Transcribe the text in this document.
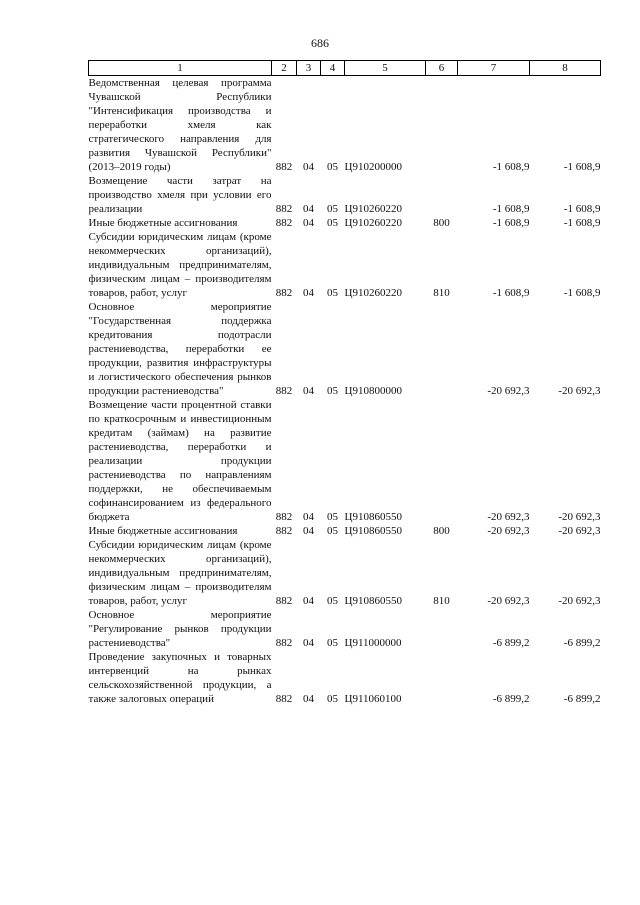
686
1	2	3	4	5	6	7	8
Ведомственная целевая программа Чувашской Республики "Интенсификация производства и переработки хмеля как стратегического направления для развития Чувашской Республики" (2013–2019 годы)	882	04	05	Ц910200000		-1 608,9	-1 608,9
Возмещение части затрат на производство хмеля при условии его реализации	882	04	05	Ц910260220		-1 608,9	-1 608,9
Иные бюджетные ассигнования	882	04	05	Ц910260220	800	-1 608,9	-1 608,9
Субсидии юридическим лицам (кроме некоммерческих организаций), индивидуальным предпринимателям, физическим лицам – производителям товаров, работ, услуг	882	04	05	Ц910260220	810	-1 608,9	-1 608,9
Основное мероприятие "Государственная поддержка кредитования подотрасли растениеводства, переработки ее продукции, развития инфраструктуры и логистического обеспечения рынков продукции растениеводства"	882	04	05	Ц910800000		-20 692,3	-20 692,3
Возмещение части процентной ставки по краткосрочным и инвестиционным кредитам (займам) на развитие растениеводства, переработки и реализации продукции растениеводства по направлениям поддержки, не обеспечиваемым софинансированием из федерального бюджета	882	04	05	Ц910860550		-20 692,3	-20 692,3
Иные бюджетные ассигнования	882	04	05	Ц910860550	800	-20 692,3	-20 692,3
Субсидии юридическим лицам (кроме некоммерческих организаций), индивидуальным предпринимателям, физическим лицам – производителям товаров, работ, услуг	882	04	05	Ц910860550	810	-20 692,3	-20 692,3
Основное мероприятие "Регулирование рынков продукции растениеводства"	882	04	05	Ц911000000		-6 899,2	-6 899,2
Проведение закупочных и товарных интервенций на рынках сельскохозяйственной продукции, а также залоговых операций	882	04	05	Ц911060100		-6 899,2	-6 899,2
